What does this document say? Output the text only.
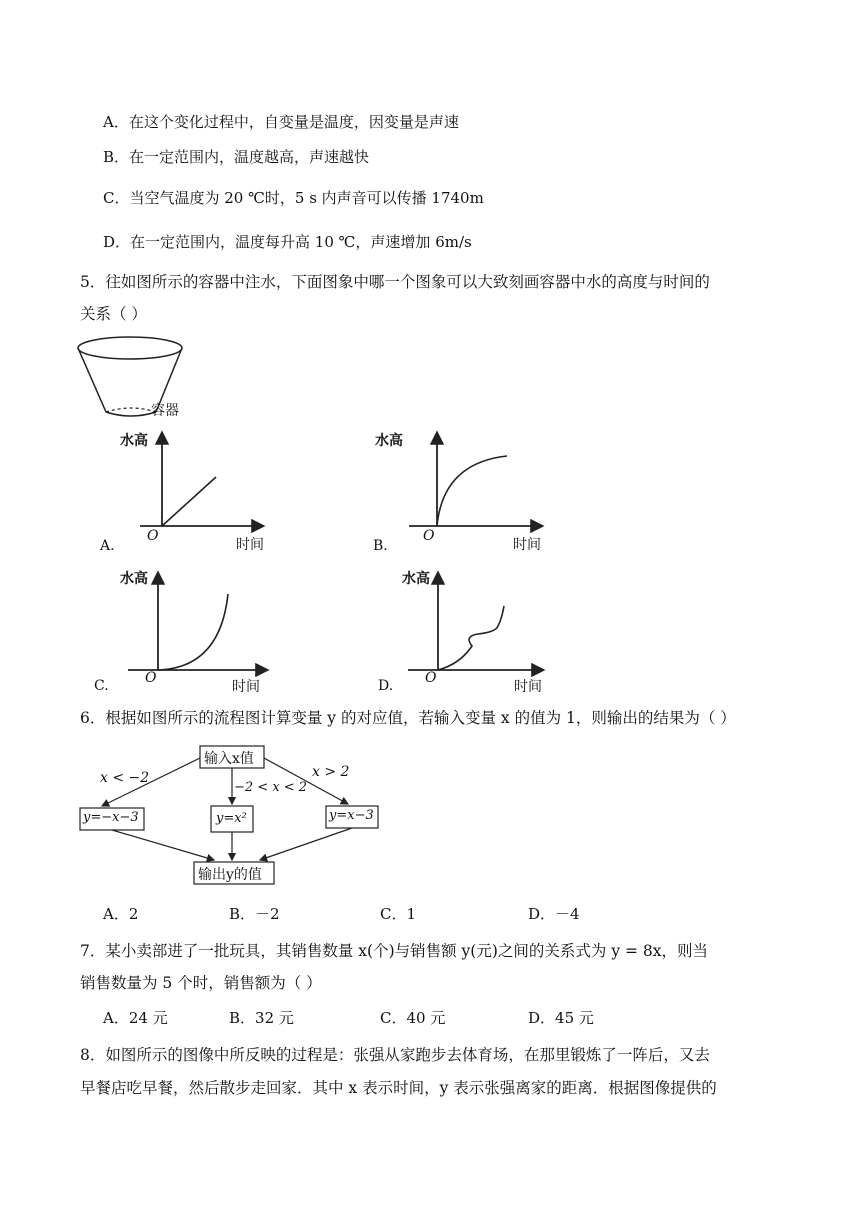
A．在这个变化过程中，自变量是温度，因变量是声速
B．在一定范围内，温度越高，声速越快
C．当空气温度为 20 ℃时，5 s 内声音可以传播 1740m
D．在一定范围内，温度每升高 10 ℃，声速增加 6m/s
5．往如图所示的容器中注水，下面图象中哪一个图象可以大致刻画容器中水的高度与时间的
关系（ ）
容器
水高
O
时间
A.
水高
O
时间
B.
水高
O
时间
C.
水高
O
时间
D.
6．根据如图所示的流程图计算变量 y 的对应值，若输入变量 x 的值为 1，则输出的结果为（ ）
输入x值
x < −2
−2 < x < 2
x > 2
y=−x−3	y=x²	y=x−3
输出y的值
A．2	B．－2	C．1	D．－4
7．某小卖部进了一批玩具，其销售数量 x(个)与销售额 y(元)之间的关系式为 y = 8x，则当
销售数量为 5 个时，销售额为（ ）
A．24 元	B．32 元	C．40 元	D．45 元
8．如图所示的图像中所反映的过程是：张强从家跑步去体育场，在那里锻炼了一阵后，又去
早餐店吃早餐，然后散步走回家．其中 x 表示时间，y 表示张强离家的距离．根据图像提供的
